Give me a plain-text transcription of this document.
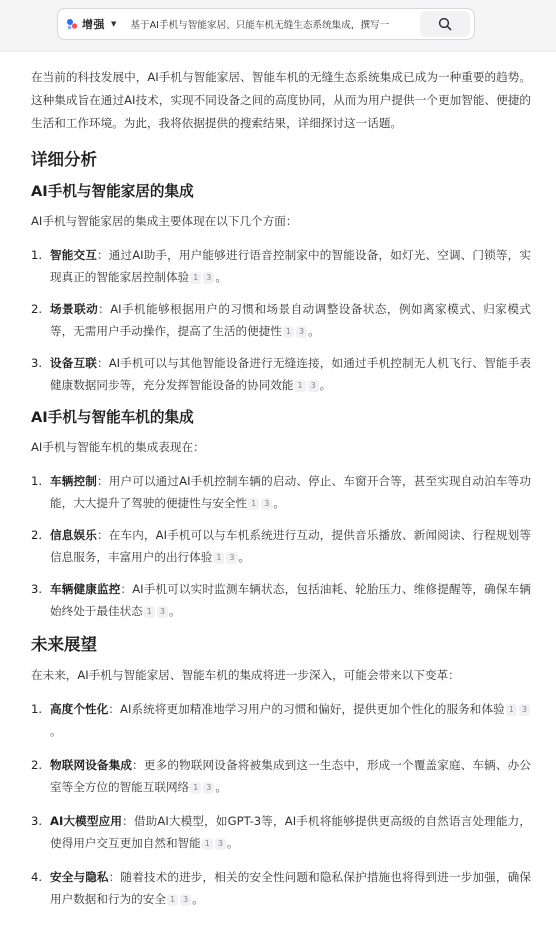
增强 ▼ 基于AI手机与智能家居、只能车机无缝生态系统集成，撰写一

在当前的科技发展中，AI手机与智能家居、智能车机的无缝生态系统集成已成为一种重要的趋势。这种集成旨在通过AI技术，实现不同设备之间的高度协同，从而为用户提供一个更加智能、便捷的生活和工作环境。为此，我将依据提供的搜索结果，详细探讨这一话题。

详细分析
AI手机与智能家居的集成

AI手机与智能家居的集成主要体现在以下几个方面：

1. 智能交互：通过AI助手，用户能够进行语音控制家中的智能设备，如灯光、空调、门锁等，实现真正的智能家居控制体验 1 3 。
2. 场景联动：AI手机能够根据用户的习惯和场景自动调整设备状态，例如离家模式、归家模式等，无需用户手动操作，提高了生活的便捷性 1 3 。
3. 设备互联：AI手机可以与其他智能设备进行无缝连接，如通过手机控制无人机飞行、智能手表健康数据同步等，充分发挥智能设备的协同效能 1 3 。
AI手机与智能车机的集成

AI手机与智能车机的集成表现在：

1. 车辆控制：用户可以通过AI手机控制车辆的启动、停止、车窗开合等，甚至实现自动泊车等功能，大大提升了驾驶的便捷性与安全性 1 3 。
2. 信息娱乐：在车内，AI手机可以与车机系统进行互动，提供音乐播放、新闻阅读、行程规划等信息服务，丰富用户的出行体验 1 3 。
3. 车辆健康监控：AI手机可以实时监测车辆状态，包括油耗、轮胎压力、维修提醒等，确保车辆始终处于最佳状态 1 3 。
未来展望

在未来，AI手机与智能家居、智能车机的集成将进一步深入，可能会带来以下变革：

1. 高度个性化：AI系统将更加精准地学习用户的习惯和偏好，提供更加个性化的服务和体验 1 3。
2. 物联网设备集成：更多的物联网设备将被集成到这一生态中，形成一个覆盖家庭、车辆、办公室等全方位的智能互联网络 1 3 。
3. AI大模型应用：借助AI大模型，如GPT-3等，AI手机将能够提供更高级的自然语言处理能力，使得用户交互更加自然和智能 1 3 。
4. 安全与隐私：随着技术的进步，相关的安全性问题和隐私保护措施也将得到进一步加强，确保用户数据和行为的安全 1 3 。
